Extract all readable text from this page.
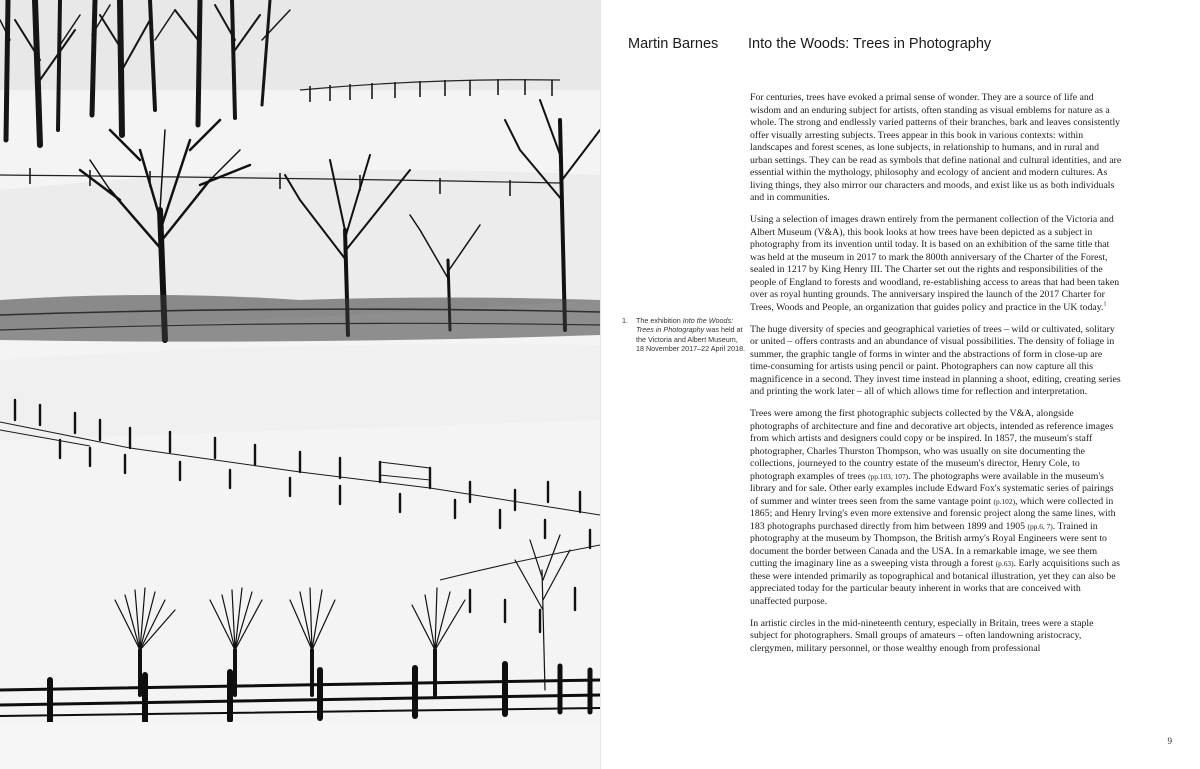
Martin Barnes Into the Woods: Trees in Photography
1.	The exhibition Into the Woods: Trees in Photography was held at the Victoria and Albert Museum, 18 November 2017–22 April 2018.

For centuries, trees have evoked a primal sense of wonder. They are a source of life and wisdom and an enduring subject for artists, often standing as visual emblems for nature as a whole. The strong and endlessly varied patterns of their branches, bark and leaves consistently offer visually arresting subjects. Trees appear in this book in various contexts: within landscapes and forest scenes, as lone subjects, in relationship to humans, and in rural and urban settings. They can be read as symbols that define national and cultural identities, and are essential within the mythology, philosophy and ecology of ancient and modern cultures. As living things, they also mirror our characters and moods, and exist like us as both individuals and in communities.

Using a selection of images drawn entirely from the permanent collection of the Victoria and Albert Museum (V&A), this book looks at how trees have been depicted as a subject in photography from its invention until today. It is based on an exhibition of the same title that was held at the museum in 2017 to mark the 800th anniversary of the Charter of the Forest, sealed in 1217 by King Henry III. The Charter set out the rights and responsibilities of the people of England to forests and woodland, re-establishing access to areas that had been taken over as royal hunting grounds. The anniversary inspired the launch of the 2017 Charter for Trees, Woods and People, an organization that guides policy and practice in the UK today.$^1$

The huge diversity of species and geographical varieties of trees – wild or cultivated, solitary or united – offers contrasts and an abundance of visual possibilities. The density of foliage in summer, the graphic tangle of forms in winter and the abstractions of form in close-up are time-consuming for artists using pencil or paint. Photographers can now capture all this magnificence in a second. They invest time instead in planning a shoot, editing, creating series and printing the work later – all of which allows time for reflection and interpretation.

Trees were among the first photographic subjects collected by the V&A, alongside photographs of architecture and fine and decorative art objects, intended as reference images from which artists and designers could copy or be inspired. In 1857, the museum's staff photographer, Charles Thurston Thompson, who was usually on site documenting the collections, journeyed to the country estate of the museum's director, Henry Cole, to photograph examples of trees (pp.103, 107). The photographs were available in the museum's library and for sale. Other early examples include Edward Fox's systematic series of pairings of summer and winter trees seen from the same vantage point (p.102), which were collected in 1865; and Henry Irving's even more extensive and forensic project along the same lines, with 183 photographs purchased directly from him between 1899 and 1905 (pp.6, 7). Trained in photography at the museum by Thompson, the British army's Royal Engineers were sent to document the border between Canada and the USA. In a remarkable image, we see them cutting the imaginary line as a sweeping vista through a forest (p.63). Early acquisitions such as these were intended primarily as topographical and botanical illustration, yet they can also be appreciated today for the particular beauty inherent in works that are conceived with unaffected purpose.

In artistic circles in the mid-nineteenth century, especially in Britain, trees were a staple subject for photographers. Small groups of amateurs – often landowning aristocracy, clergymen, military personnel, or those wealthy enough from professional

9
